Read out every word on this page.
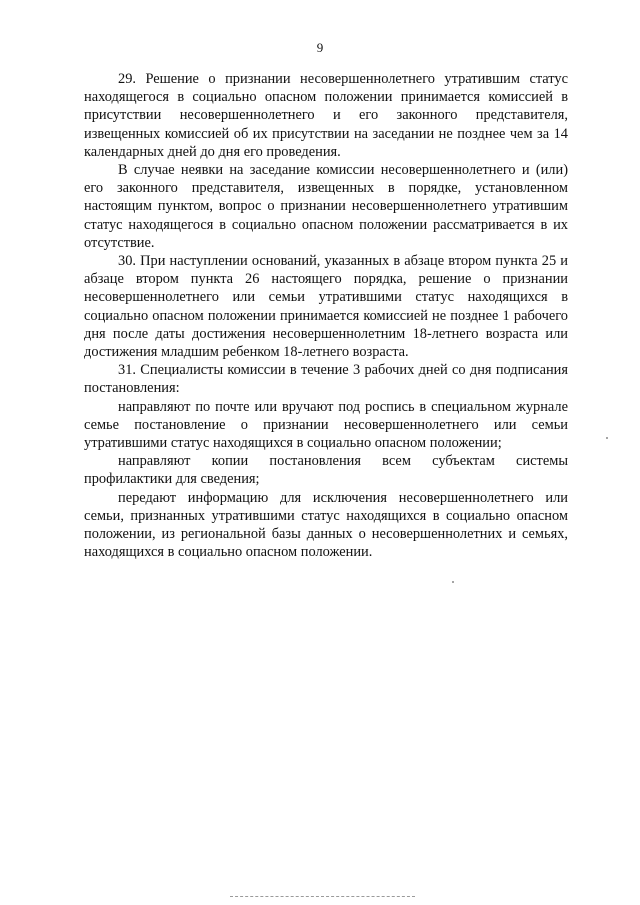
9

29. Решение о признании несовершеннолетнего утратившим статус находящегося в социально опасном положении принимается комиссией в присутствии несовершеннолетнего и его законного представителя, извещенных комиссией об их присутствии на заседании не позднее чем за 14 календарных дней до дня его проведения.

В случае неявки на заседание комиссии несовершеннолетнего и (или) его законного представителя, извещенных в порядке, установленном настоящим пунктом, вопрос о признании несовершеннолетнего утратившим статус находящегося в социально опасном положении рассматривается в их отсутствие.

30. При наступлении оснований, указанных в абзаце втором пункта 25 и абзаце втором пункта 26 настоящего порядка, решение о признании несовершеннолетнего или семьи утратившими статус находящихся в социально опасном положении принимается комиссией не позднее 1 рабочего дня после даты достижения несовершеннолетним 18-летнего возраста или достижения младшим ребенком 18-летнего возраста.

31. Специалисты комиссии в течение 3 рабочих дней со дня подписания постановления:

направляют по почте или вручают под роспись в специальном журнале семье постановление о признании несовершеннолетнего или семьи утратившими статус находящихся в социально опасном положении;

направляют копии постановления всем субъектам системы профилактики для сведения;

передают информацию для исключения несовершеннолетнего или семьи, признанных утратившими статус находящихся в социально опасном положении, из региональной базы данных о несовершеннолетних и семьях, находящихся в социально опасном положении.
